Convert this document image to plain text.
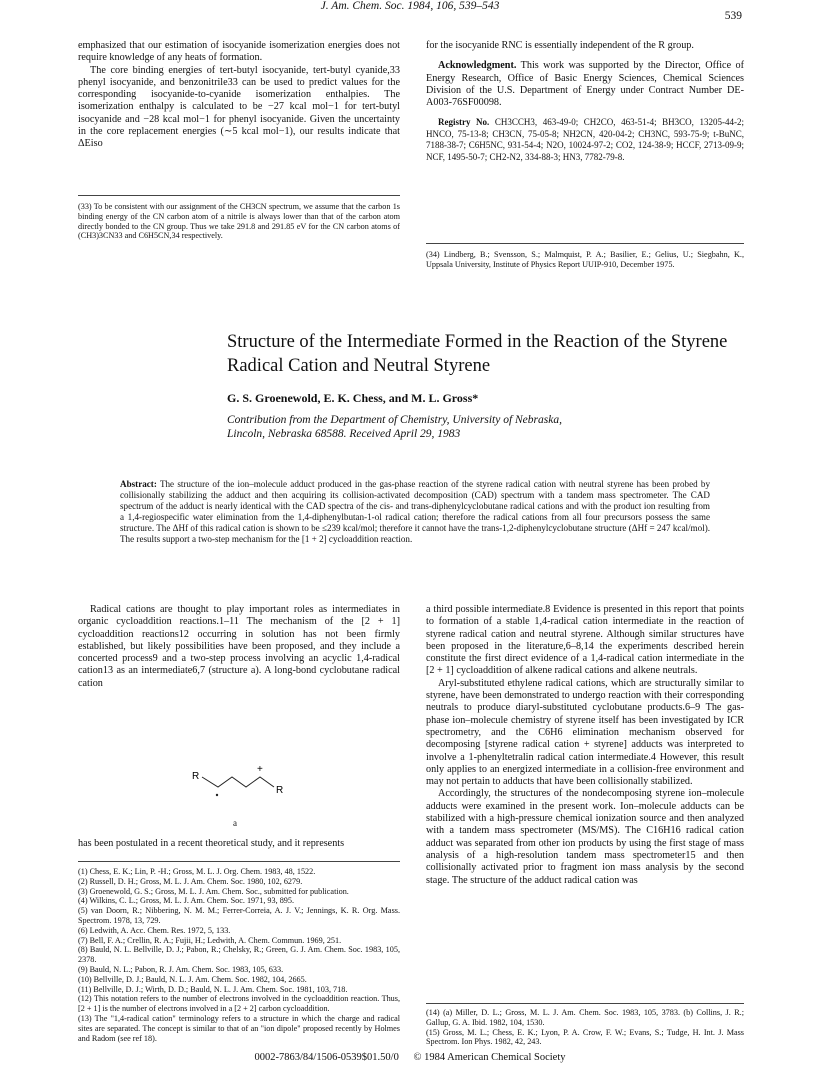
J. Am. Chem. Soc. 1984, 106, 539–543
539

emphasized that our estimation of isocyanide isomerization energies does not require knowledge of any heats of formation.

The core binding energies of tert-butyl isocyanide, tert-butyl cyanide,33 phenyl isocyanide, and benzonitrile33 can be used to predict values for the corresponding isocyanide-to-cyanide isomerization enthalpies. The isomerization enthalpy is calculated to be −27 kcal mol−1 for tert-butyl isocyanide and −28 kcal mol−1 for phenyl isocyanide. Given the uncertainty in the core replacement energies (∼5 kcal mol−1), our results indicate that ΔEiso

(33) To be consistent with our assignment of the CH3CN spectrum, we assume that the carbon 1s binding energy of the CN carbon atom of a nitrile is always lower than that of the carbon atom directly bonded to the CN group. Thus we take 291.8 and 291.85 eV for the CN carbon atoms of (CH3)3CN33 and C6H5CN,34 respectively.

for the isocyanide RNC is essentially independent of the R group.

Acknowledgment. This work was supported by the Director, Office of Energy Research, Office of Basic Energy Sciences, Chemical Sciences Division of the U.S. Department of Energy under Contract Number DE-A003-76SF00098.

Registry No. CH3CCH3, 463-49-0; CH2CO, 463-51-4; BH3CO, 13205-44-2; HNCO, 75-13-8; CH3CN, 75-05-8; NH2CN, 420-04-2; CH3NC, 593-75-9; t-BuNC, 7188-38-7; C6H5NC, 931-54-4; N2O, 10024-97-2; CO2, 124-38-9; HCCF, 2713-09-9; NCF, 1495-50-7; CH2-N2, 334-88-3; HN3, 7782-79-8.

(34) Lindberg, B.; Svensson, S.; Malmquist, P. A.; Basilier, E.; Gelius, U.; Siegbahn, K., Uppsala University, Institute of Physics Report UUIP-910, December 1975.
Structure of the Intermediate Formed in the Reaction of the Styrene Radical Cation and Neutral Styrene
G. S. Groenewold, E. K. Chess, and M. L. Gross*
Contribution from the Department of Chemistry, University of Nebraska,
Lincoln, Nebraska 68588. Received April 29, 1983
Abstract: The structure of the ion–molecule adduct produced in the gas-phase reaction of the styrene radical cation with neutral styrene has been probed by collisionally stabilizing the adduct and then acquiring its collision-activated decomposition (CAD) spectrum with a tandem mass spectrometer. The CAD spectrum of the adduct is nearly identical with the CAD spectra of the cis- and trans-diphenylcyclobutane radical cations and with the product ion resulting from a 1,4-regiospecific water elimination from the 1,4-diphenylbutan-1-ol radical cation; therefore the radical cations from all four precursors possess the same structure. The ΔHf of this radical cation is shown to be ≤239 kcal/mol; therefore it cannot have the trans-1,2-diphenylcyclobutane structure (ΔHf = 247 kcal/mol). The results support a two-step mechanism for the [1 + 2] cycloaddition reaction.

Radical cations are thought to play important roles as intermediates in organic cycloaddition reactions.1–11 The mechanism of the [2 + 1] cycloaddition reactions12 occurring in solution has not been firmly established, but likely possibilities have been proposed, and they include a concerted process9 and a two-step process involving an acyclic 1,4-radical cation13 as an intermediate6,7 (structure a). A long-bond cyclobutane radical cation

R
+
R
a

has been postulated in a recent theoretical study, and it represents

(1) Chess, E. K.; Lin, P. -H.; Gross, M. L. J. Org. Chem. 1983, 48, 1522.

(2) Russell, D. H.; Gross, M. L. J. Am. Chem. Soc. 1980, 102, 6279.

(3) Groenewold, G. S.; Gross, M. L. J. Am. Chem. Soc., submitted for publication.

(4) Wilkins, C. L.; Gross, M. L. J. Am. Chem. Soc. 1971, 93, 895.

(5) van Doorn, R.; Nibbering, N. M. M.; Ferrer-Correia, A. J. V.; Jennings, K. R. Org. Mass. Spectrom. 1978, 13, 729.

(6) Ledwith, A. Acc. Chem. Res. 1972, 5, 133.

(7) Bell, F. A.; Crellin, R. A.; Fujii, H.; Ledwith, A. Chem. Commun. 1969, 251.

(8) Bauld, N. L. Bellville, D. J.; Pabon, R.; Chelsky, R.; Green, G. J. Am. Chem. Soc. 1983, 105, 2378.

(9) Bauld, N. L.; Pabon, R. J. Am. Chem. Soc. 1983, 105, 633.

(10) Bellville, D. J.; Bauld, N. L. J. Am. Chem. Soc. 1982, 104, 2665.

(11) Bellville, D. J.; Wirth, D. D.; Bauld, N. L. J. Am. Chem. Soc. 1981, 103, 718.

(12) This notation refers to the number of electrons involved in the cycloaddition reaction. Thus, [2 + 1] is the number of electrons involved in a [2 + 2] carbon cycloaddition.

(13) The "1,4-radical cation" terminology refers to a structure in which the charge and radical sites are separated. The concept is similar to that of an "ion dipole" proposed recently by Holmes and Radom (see ref 18).

a third possible intermediate.8 Evidence is presented in this report that points to formation of a stable 1,4-radical cation intermediate in the reaction of styrene radical cation and neutral styrene. Although similar structures have been proposed in the literature,6–8,14 the experiments described herein constitute the first direct evidence of a 1,4-radical cation intermediate in the [2 + 1] cycloaddition of alkene radical cations and alkene neutrals.

Aryl-substituted ethylene radical cations, which are structurally similar to styrene, have been demonstrated to undergo reaction with their corresponding neutrals to produce diaryl-substituted cyclobutane products.6–9 The gas-phase ion–molecule chemistry of styrene itself has been investigated by ICR spectrometry, and the C6H6 elimination mechanism observed for decomposing [styrene radical cation + styrene] adducts was interpreted to involve a 1-phenyltetralin radical cation intermediate.4 However, this result only applies to an energized intermediate in a collision-free environment and may not pertain to adducts that have been collisionally stabilized.

Accordingly, the structures of the nondecomposing styrene ion–molecule adducts were examined in the present work. Ion–molecule adducts can be stabilized with a high-pressure chemical ionization source and then analyzed with a tandem mass spectrometer (MS/MS). The C16H16 radical cation adduct was separated from other ion products by using the first stage of mass analysis of a high-resolution tandem mass spectrometer15 and then collisionally activated prior to fragment ion mass analysis by the second stage. The structure of the adduct radical cation was

(14) (a) Miller, D. L.; Gross, M. L. J. Am. Chem. Soc. 1983, 105, 3783. (b) Collins, J. R.; Gallup, G. A. Ibid. 1982, 104, 1530.

(15) Gross, M. L.; Chess, E. K.; Lyon, P. A. Crow, F. W.; Evans, S.; Tudge, H. Int. J. Mass Spectrom. Ion Phys. 1982, 42, 243.

0002-7863/84/1506-0539$01.50/0 © 1984 American Chemical Society
